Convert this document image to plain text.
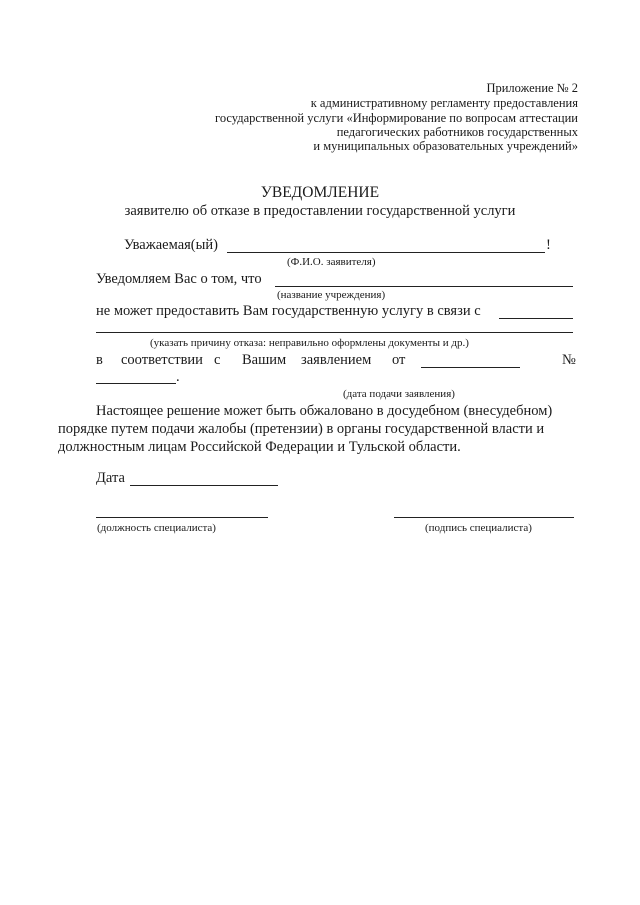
Приложение № 2
к административному регламенту предоставления
государственной услуги «Информирование по вопросам аттестации
педагогических работников государственных
и муниципальных образовательных учреждений»
УВЕДОМЛЕНИЕ
заявителю об отказе в предоставлении государственной услуги
Уважаемая(ый)	!
(Ф.И.О. заявителя)
Уведомляем Вас о том, что
(название учреждения)
не может предоставить Вам государственную услугу в связи с
(указать причину отказа: неправильно оформлены документы и др.)
в соответствии с Вашим заявлением от	№
.
(дата подачи заявления)
Настоящее решение может быть обжаловано в досудебном (внесудебном)
порядке путем подачи жалобы (претензии) в органы государственной власти и
должностным лицам Российской Федерации и Тульской области.
Дата
(должность специалиста)	(подпись специалиста)
